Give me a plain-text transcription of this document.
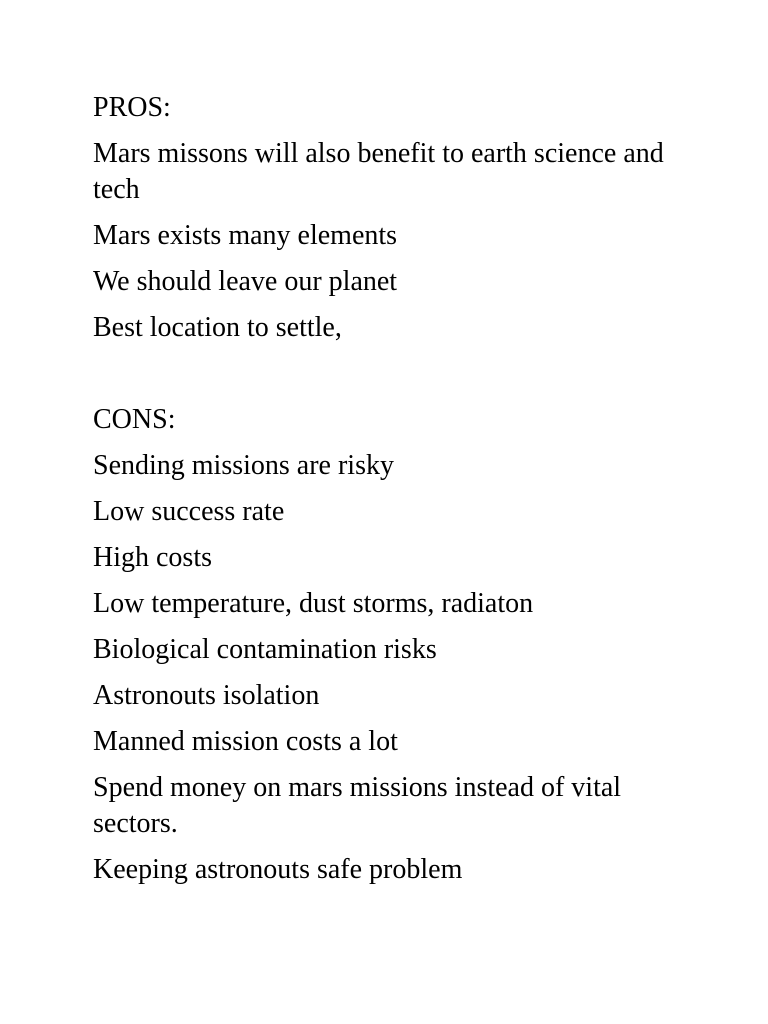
PROS:

Mars missons will also benefit to earth science and tech

Mars exists many elements

We should leave our planet

Best location to settle,

CONS:

Sending missions are risky

Low success rate

High costs

Low temperature, dust storms, radiaton

Biological contamination risks

Astronouts isolation

Manned mission costs a lot

Spend money on mars missions instead of vital sectors.

Keeping astronouts safe problem
